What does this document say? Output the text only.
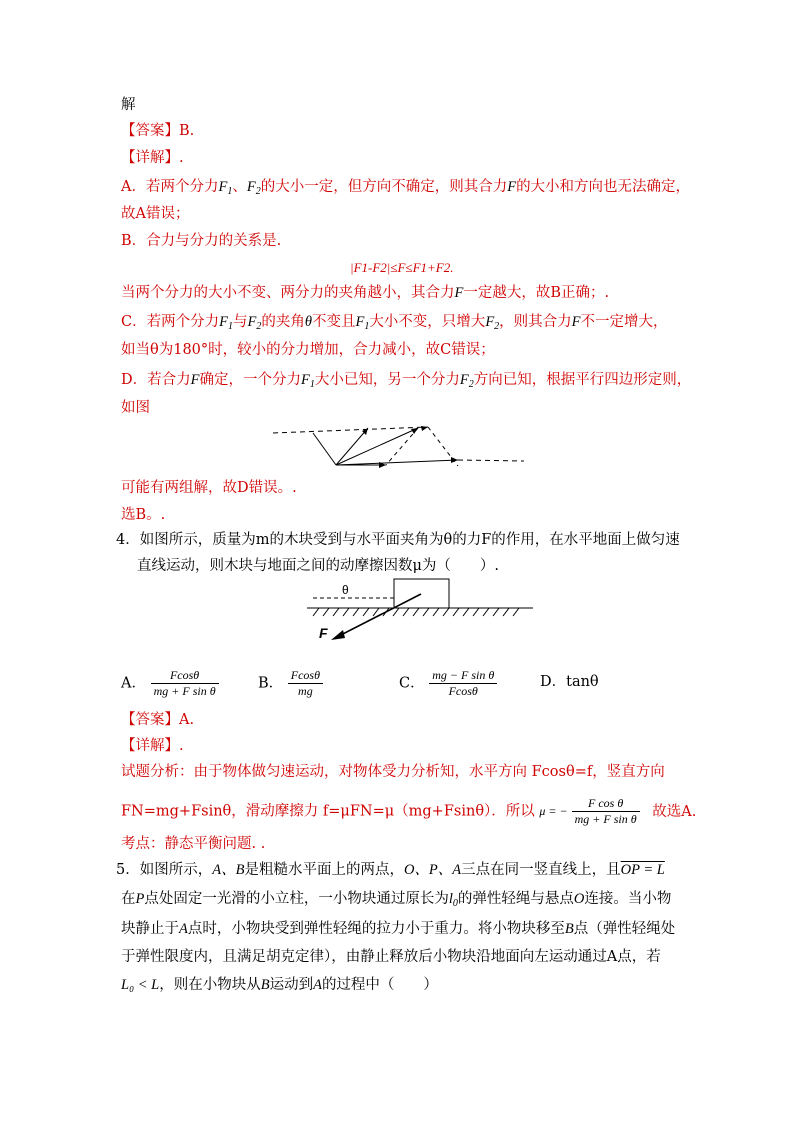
解
【答案】B.
【详解】.
A．若两个分力$F_1$、$F_2$的大小一定，但方向不确定，则其合力F的大小和方向也无法确定，
故A错误；
B．合力与分力的关系是.
|F1-F2|≤F≤F1+F2.
当两个分力的大小不变、两分力的夹角越小，其合力F一定越大，故B正确；.
C．若两个分力$F_1$与$F_2$的夹角θ不变且$F_1$大小不变，只增大$F_2$，则其合力F不一定增大，
如当θ为180°时，较小的分力增加，合力减小，故C错误；
D．若合力F确定，一个分力$F_1$大小已知，另一个分力$F_2$方向已知，根据平行四边形定则，
如图
可能有两组解，故D错误。.
选B。.
4．如图所示，质量为m的木块受到与水平面夹角为θ的力F的作用，在水平地面上做匀速
直线运动，则木块与地面之间的动摩擦因数μ为（　　）.
θ
F
A． $\frac{Fcos\theta}{\text{mg + F sin θ}}$	B． $\frac{Fcos\theta}{mg}$	C． $\frac{\text{mg − F sin θ}}{Fcos\theta}$	D．tanθ
【答案】A.
【详解】.
试题分析：由于物体做匀速运动，对物体受力分析知，水平方向 Fcosθ=f，竖直方向
FN=mg+Fsinθ，滑动摩擦力 f=μFN=μ（mg+Fsinθ）．所以 μ = − $\frac{\text{F cos θ}}{\text{mg + F sin θ}}$ 故选A.
考点：静态平衡问题. .
5．如图所示，A、B是粗糙水平面上的两点，O、P、A三点在同一竖直线上，且OP = L
在P点处固定一光滑的小立柱，一小物块通过原长为$l_0$的弹性轻绳与悬点O连接。当小物
块静止于A点时，小物块受到弹性轻绳的拉力小于重力。将小物块移至B点（弹性轻绳处
于弹性限度内，且满足胡克定律），由静止释放后小物块沿地面向左运动通过A点，若
L₀ < L，则在小物块从B运动到A的过程中（　　）
